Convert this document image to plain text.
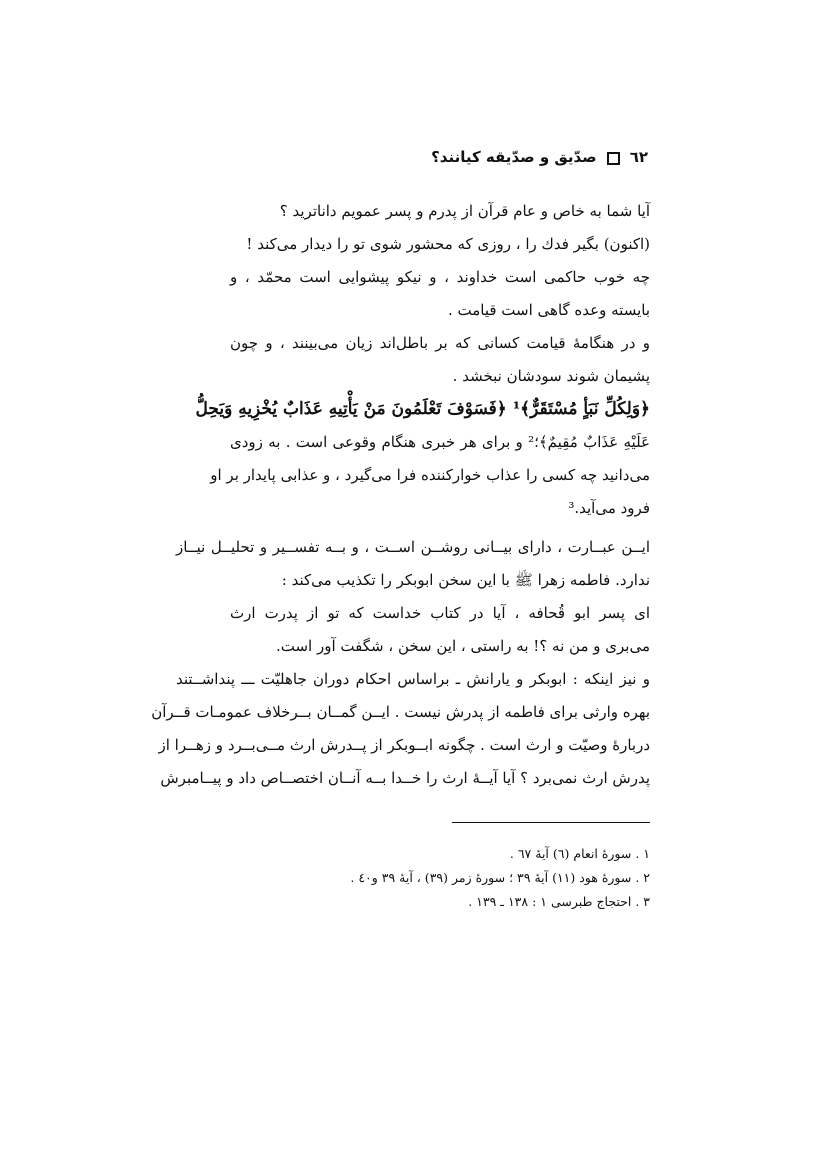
٦٢
صدّيق و صدّيقه كيانند؟
آيا شما به خاص و عام قرآن از پدرم و پسر عمويم داناتريد ؟
(اكنون) بگير فدك را ، روزى كه محشور شوى تو را ديدار مى‌كند !
چه خوب حاكمى است خداوند ، و نيكو پيشوايى است محمّد ، و
بايسته وعده گاهى است قيامت .
و در هنگامهٔ قيامت كسانى كه بر باطل‌اند زيان مى‌بينند ، و چون
پشيمان شوند سودشان نبخشد .
﴿وَلِكُلِّ نَبَأٍ مُسْتَقَرٌّ﴾¹ ﴿فَسَوْفَ تَعْلَمُونَ مَنْ يَأْتِيهِ عَذَابٌ يُخْزِيهِ وَيَحِلُّ
عَلَيْهِ عَذَابٌ مُقِيمٌ﴾؛² و براى هر خبرى هنگام وقوعى است . به زودى
مى‌دانيد چه كسى را عذاب خواركننده فرا مى‌گيرد ، و عذابى پايدار بر او
فرود مى‌آيد.³
ايــن عبــارت ، داراى بيــانى روشــن اســت ، و بــه تفســير و تحليــل نيــاز
ندارد. فاطمه زهرا ﷺ با اين سخن ابوبكر را تكذيب مى‌كند :
اى پسر ابو قُحافه ، آيا در كتاب خداست كه تو از پدرت ارث
مى‌برى و من نه ؟! به راستى ، اين سخن ، شگفت آور است.
و نيز اينكه : ابوبكر و يارانش ـ براساس احكام دوران جاهليّت ـــ پنداشــتند
بهره وارثى براى فاطمه از پدرش نيست . ايــن گمــان بــرخلاف عمومـات قــرآن
دربارهٔ وصيّت و ارث است . چگونه ابــوبكر از پــدرش ارث مــى‌بــرد و زهــرا از
پدرش ارث نمى‌برد ؟ آيا آيــهٔ ارث را خــدا بــه آنــان اختصــاص داد و پيــامبرش
١ . سورهٔ انعام (٦) آيهٔ ٦٧ .
٢ . سورهٔ هود (١١) آيهٔ ٣٩ ؛ سورهٔ زمر (٣٩) ، آيهٔ ٣٩ و٤٠ .
٣ . احتجاج طبرسى ١ : ١٣٨ ـ ١٣٩ .
